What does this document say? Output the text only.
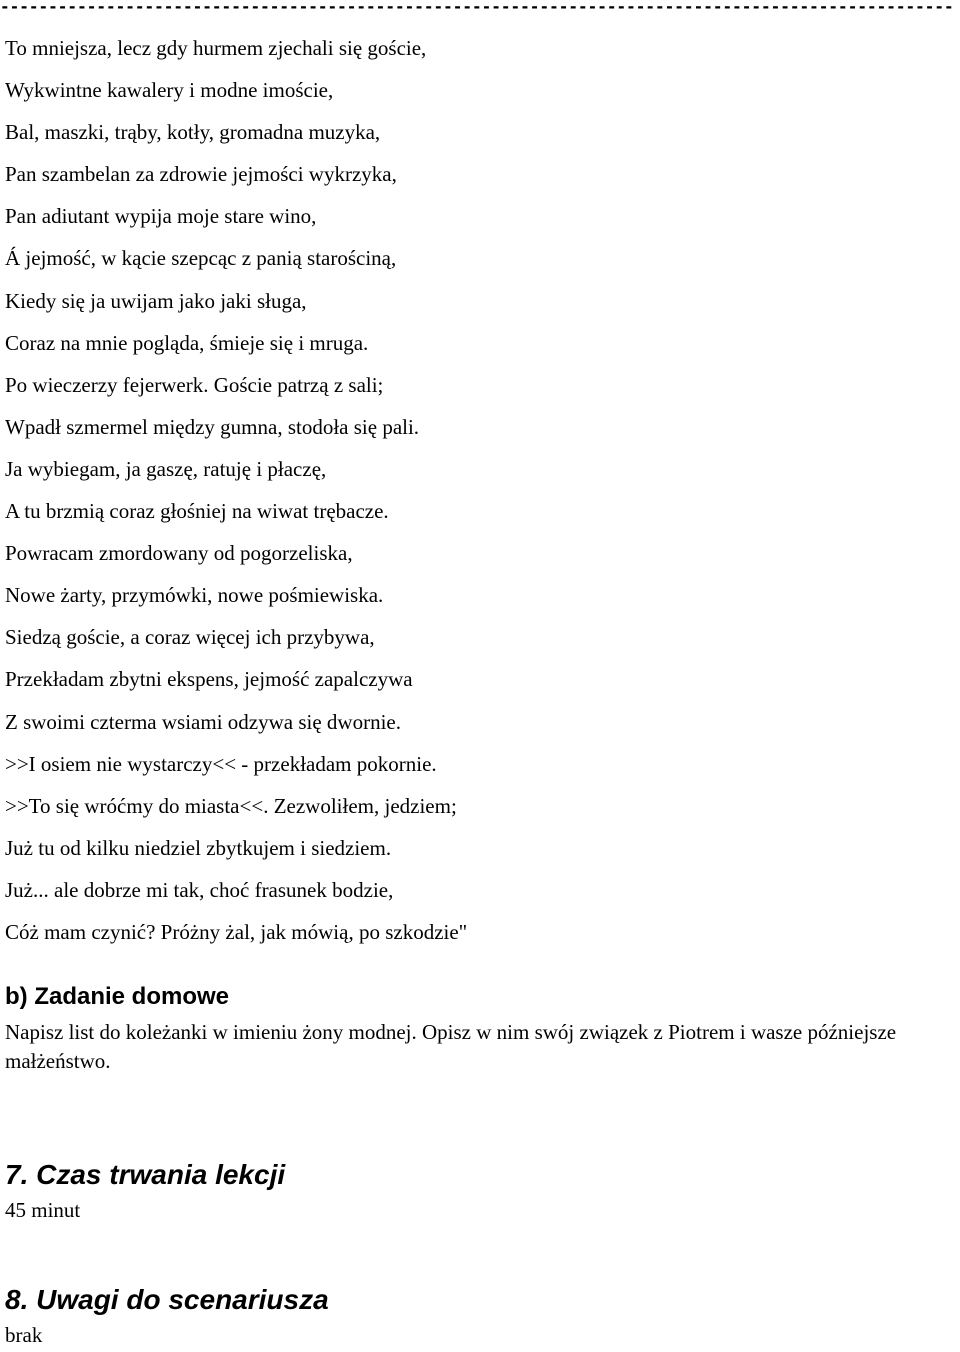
---------------------------------------------------------------------------------------------------
To mniejsza, lecz gdy hurmem zjechali się goście,
Wykwintne kawalery i modne imoście,
Bal, maszki, trąby, kotły, gromadna muzyka,
Pan szambelan za zdrowie jejmości wykrzyka,
Pan adiutant wypija moje stare wino,
Á jejmość, w kącie szepcąc z panią starościną,
Kiedy się ja uwijam jako jaki sługa,
Coraz na mnie pogląda, śmieje się i mruga.
Po wieczerzy fejerwerk. Goście patrzą z sali;
Wpadł szmermel między gumna, stodoła się pali.
Ja wybiegam, ja gaszę, ratuję i płaczę,
A tu brzmią coraz głośniej na wiwat trębacze.
Powracam zmordowany od pogorzeliska,
Nowe żarty, przymówki, nowe pośmiewiska.
Siedzą goście, a coraz więcej ich przybywa,
Przekładam zbytni ekspens, jejmość zapalczywa
Z swoimi czterma wsiami odzywa się dwornie.
>>I osiem nie wystarczy<< - przekładam pokornie.
>>To się wróćmy do miasta<<. Zezwoliłem, jedziem;
Już tu od kilku niedziel zbytkujem i siedziem.
Już... ale dobrze mi tak, choć frasunek bodzie,
Cóż mam czynić? Próżny żal, jak mówią, po szkodzie"
b) Zadanie domowe

Napisz list do koleżanki w imieniu żony modnej. Opisz w nim swój związek z Piotrem i wasze późniejsze małżeństwo.

7. Czas trwania lekcji

45 minut

8. Uwagi do scenariusza

brak
